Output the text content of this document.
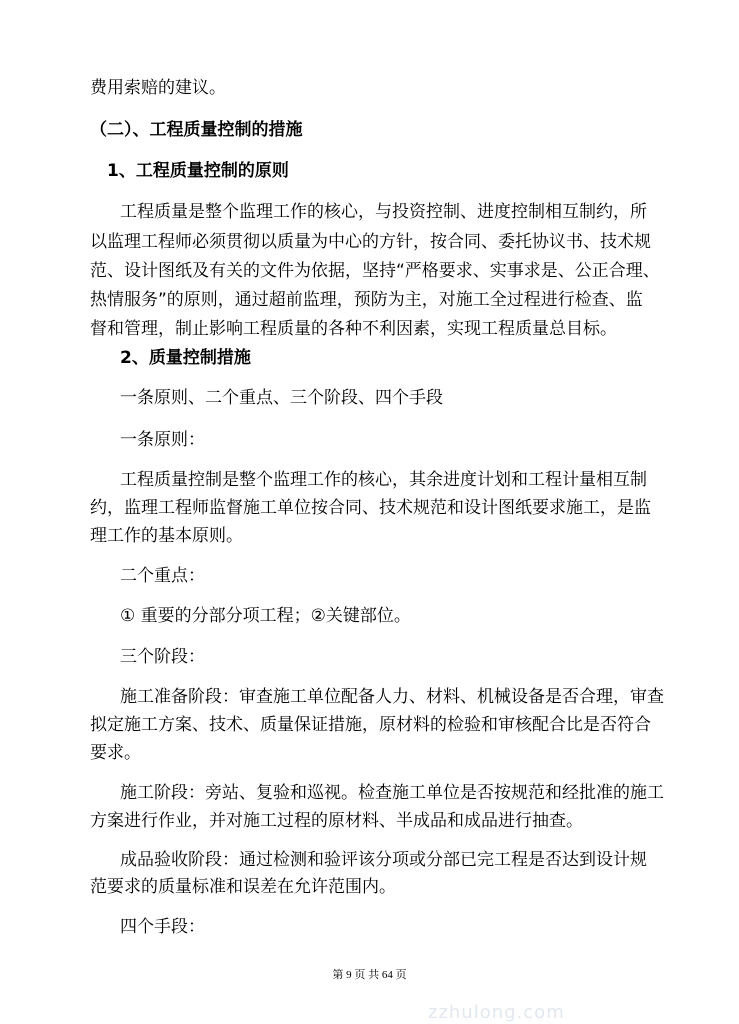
费用索赔的建议。
（二）、工程质量控制的措施
1、工程质量控制的原则
工程质量是整个监理工作的核心，与投资控制、进度控制相互制约，所
以监理工程师必须贯彻以质量为中心的方针，按合同、委托协议书、技术规
范、设计图纸及有关的文件为依据，坚持“严格要求、实事求是、公正合理、
热情服务”的原则，通过超前监理，预防为主，对施工全过程进行检查、监
督和管理，制止影响工程质量的各种不利因素，实现工程质量总目标。
2、质量控制措施
一条原则、二个重点、三个阶段、四个手段
一条原则：
工程质量控制是整个监理工作的核心，其余进度计划和工程计量相互制
约，监理工程师监督施工单位按合同、技术规范和设计图纸要求施工，是监
理工作的基本原则。
二个重点：
① 重要的分部分项工程；②关键部位。
三个阶段：
施工准备阶段：审查施工单位配备人力、材料、机械设备是否合理，审查
拟定施工方案、技术、质量保证措施，原材料的检验和审核配合比是否符合
要求。
施工阶段：旁站、复验和巡视。检查施工单位是否按规范和经批准的施工
方案进行作业，并对施工过程的原材料、半成品和成品进行抽查。
成品验收阶段：通过检测和验评该分项或分部已完工程是否达到设计规
范要求的质量标准和误差在允许范围内。
四个手段：
第 9 页 共 64 页
zzhulong.com
